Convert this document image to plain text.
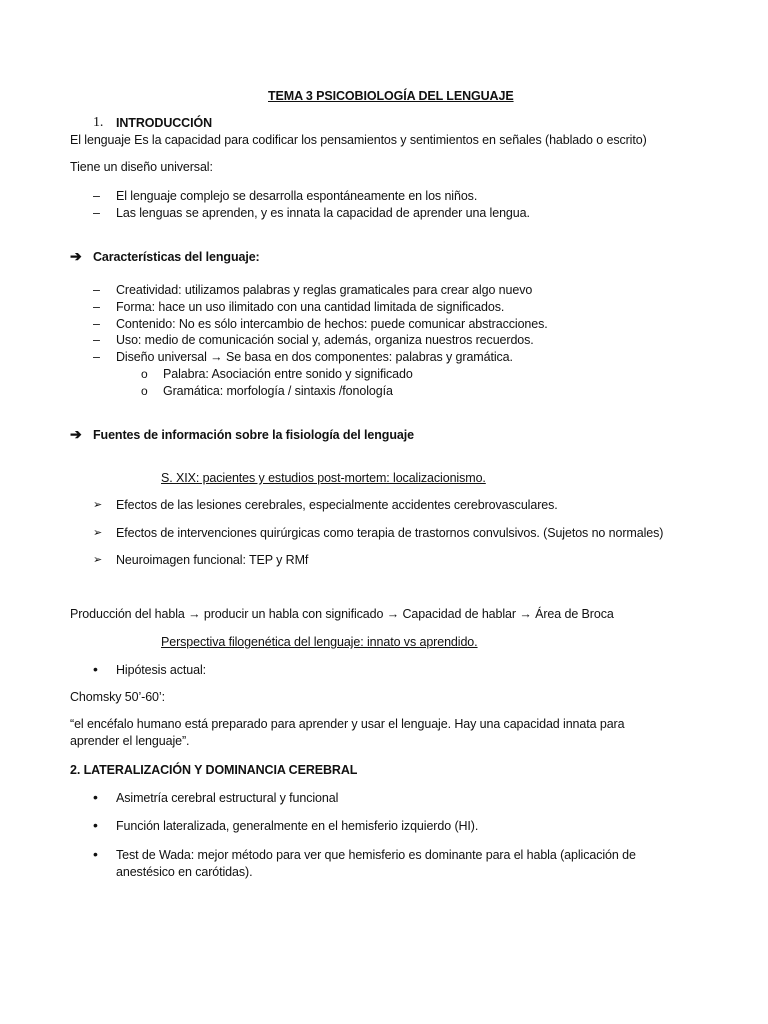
TEMA 3 PSICOBIOLOGÍA DEL LENGUAJE
1. INTRODUCCIÓN
El lenguaje Es la capacidad para codificar los pensamientos y sentimientos en señales (hablado o escrito)
Tiene un diseño universal:
– El lenguaje complejo se desarrolla espontáneamente en los niños.
– Las lenguas se aprenden, y es innata la capacidad de aprender una lengua.
➔ Características del lenguaje:
– Creatividad: utilizamos palabras y reglas gramaticales para crear algo nuevo
– Forma: hace un uso ilimitado con una cantidad limitada de significados.
– Contenido: No es sólo intercambio de hechos: puede comunicar abstracciones.
– Uso: medio de comunicación social y, además, organiza nuestros recuerdos.
– Diseño universal → Se basa en dos componentes: palabras y gramática.
o Palabra: Asociación entre sonido y significado
o Gramática: morfología / sintaxis /fonología
➔ Fuentes de información sobre la fisiología del lenguaje
S. XIX: pacientes y estudios post-mortem: localizacionismo.
➢ Efectos de las lesiones cerebrales, especialmente accidentes cerebrovasculares.
➢ Efectos de intervenciones quirúrgicas como terapia de trastornos convulsivos. (Sujetos no normales)
➢ Neuroimagen funcional: TEP y RMf
Producción del habla → producir un habla con significado → Capacidad de hablar → Área de Broca
Perspectiva filogenética del lenguaje: innato vs aprendido.
• Hipótesis actual:
Chomsky 50’-60’:
“el encéfalo humano está preparado para aprender y usar el lenguaje. Hay una capacidad innata para
aprender el lenguaje”.
2. LATERALIZACIÓN Y DOMINANCIA CEREBRAL
• Asimetría cerebral estructural y funcional
• Función lateralizada, generalmente en el hemisferio izquierdo (HI).
• Test de Wada: mejor método para ver que hemisferio es dominante para el habla (aplicación de
anestésico en carótidas).
